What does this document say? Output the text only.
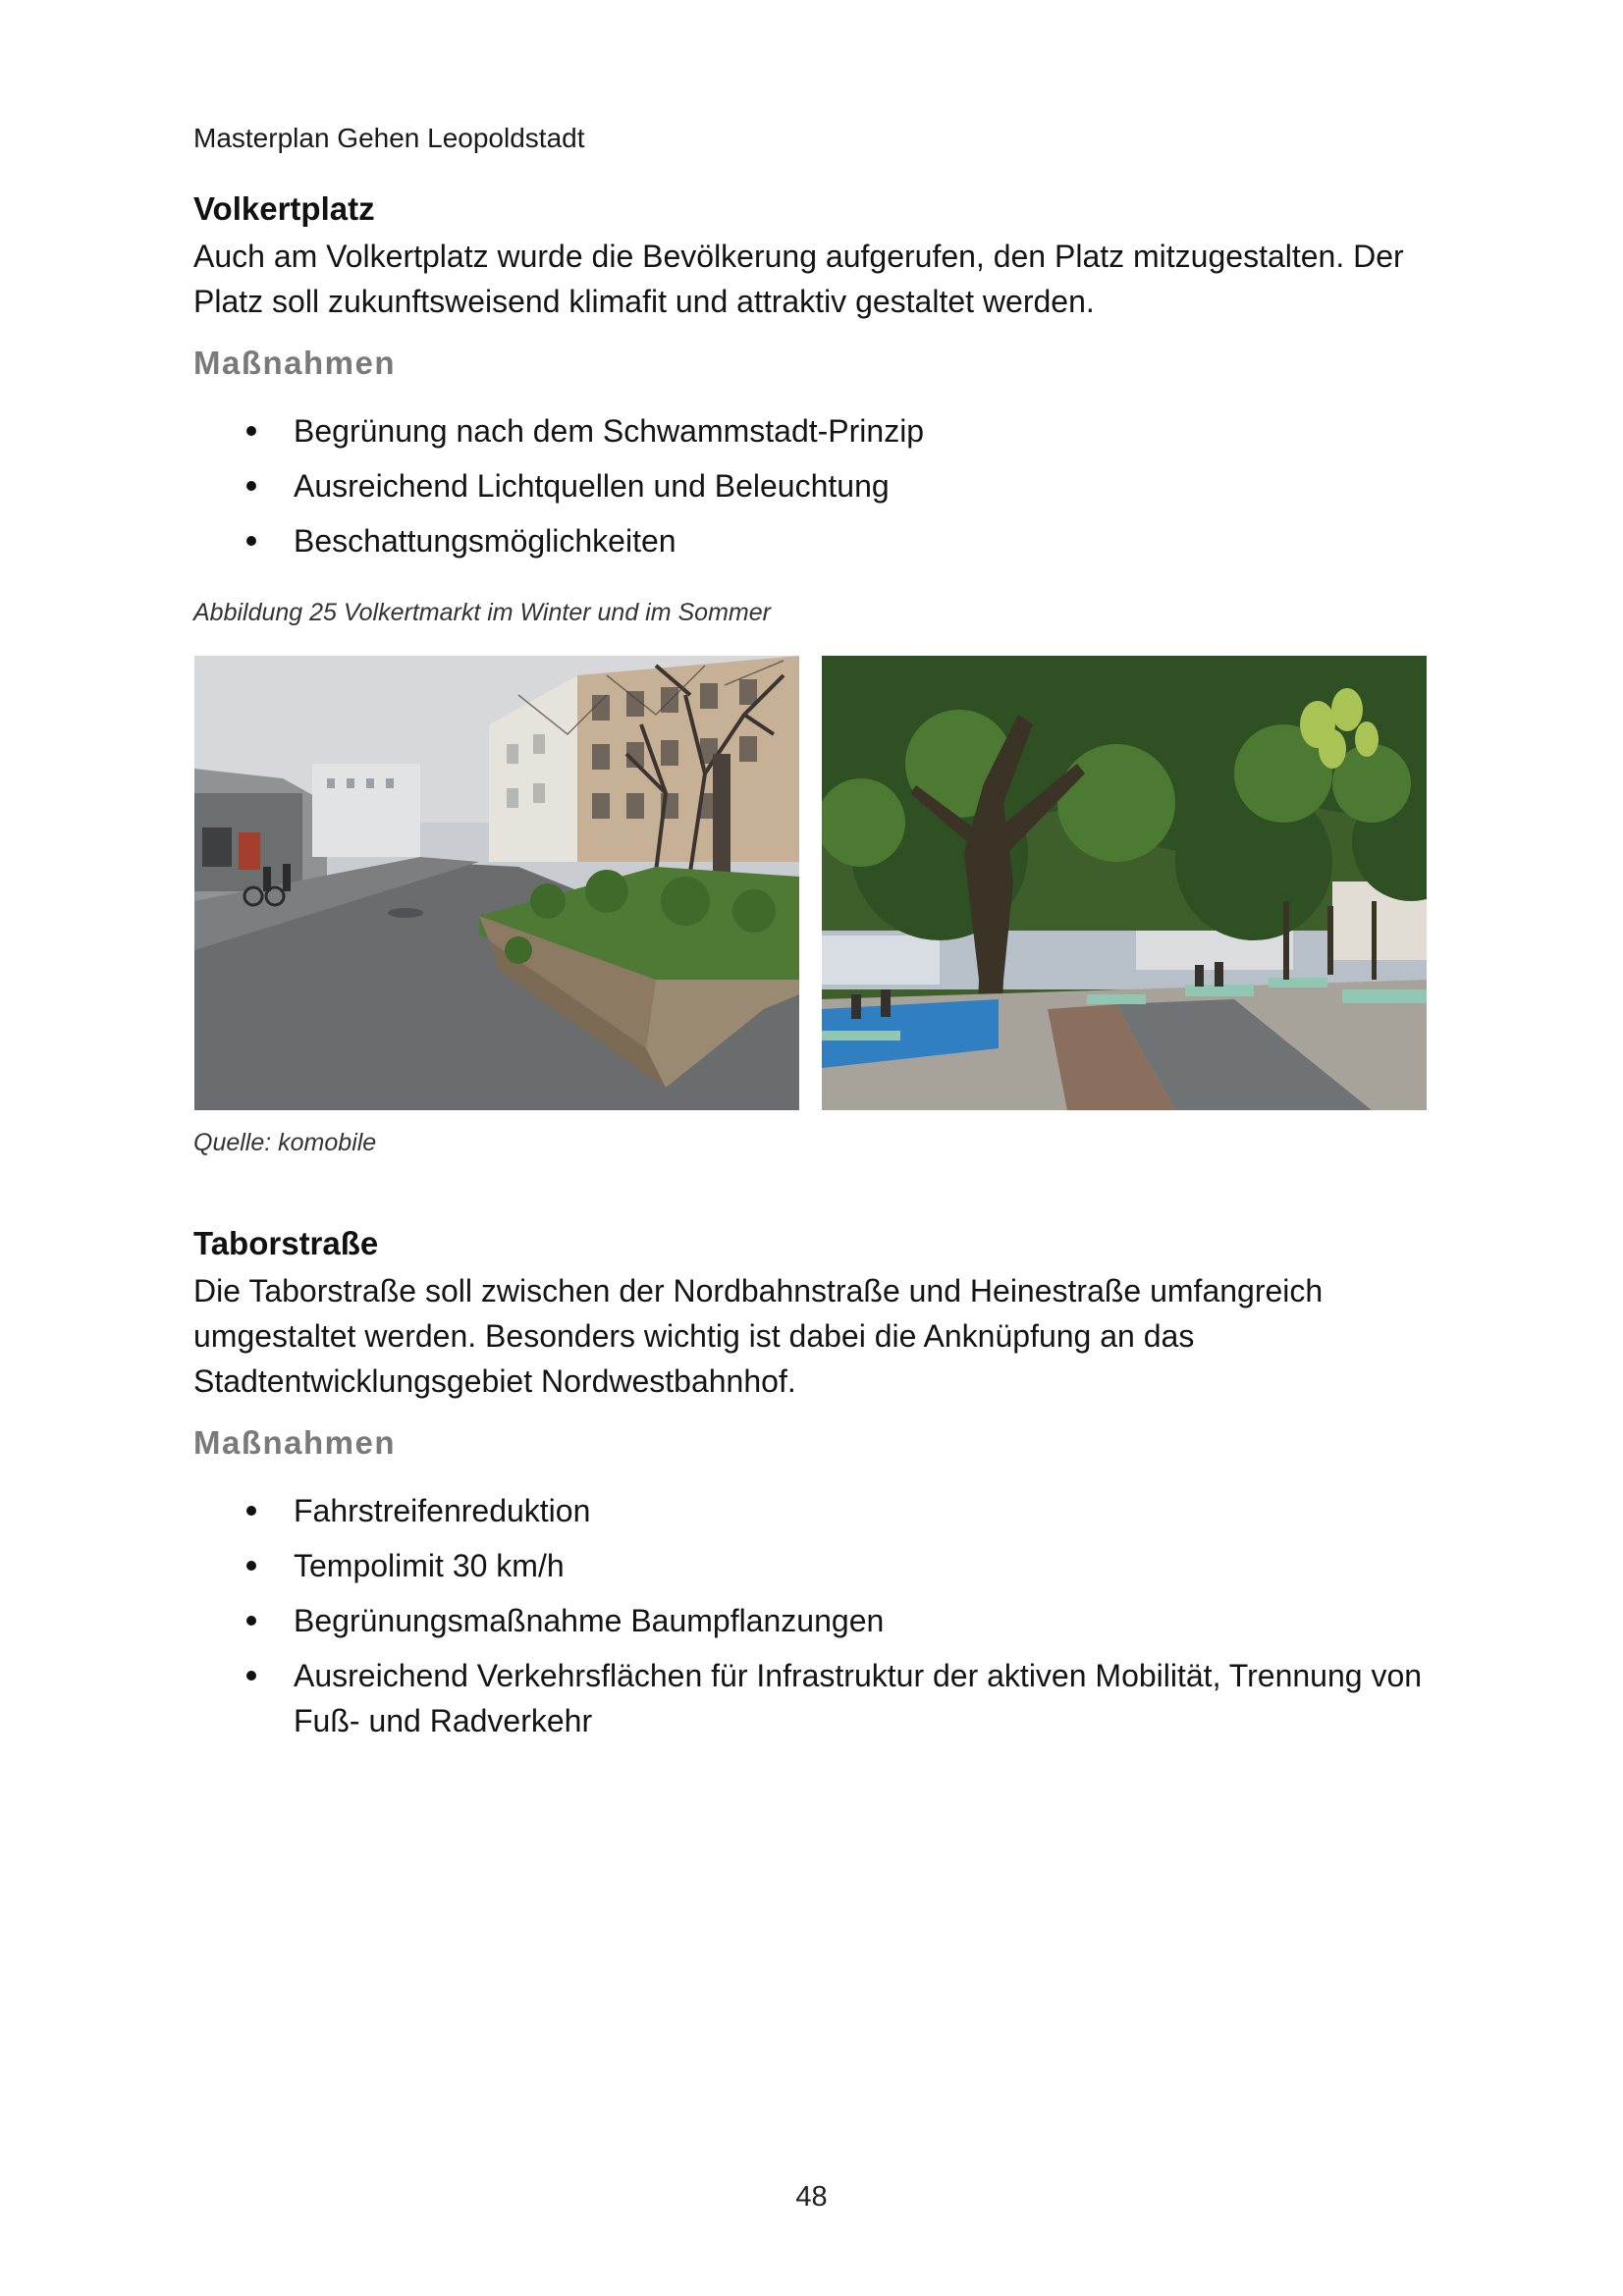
Masterplan Gehen Leopoldstadt
Volkertplatz
Auch am Volkertplatz wurde die Bevölkerung aufgerufen, den Platz mitzugestalten. Der Platz soll zukunftsweisend klimafit und attraktiv gestaltet werden.
Maßnahmen
Begrünung nach dem Schwammstadt-Prinzip
Ausreichend Lichtquellen und Beleuchtung
Beschattungsmöglichkeiten
Abbildung 25 Volkertmarkt im Winter und im Sommer
Quelle: komobile
Taborstraße
Die Taborstraße soll zwischen der Nordbahnstraße und Heinestraße umfangreich umgestaltet werden. Besonders wichtig ist dabei die Anknüpfung an das Stadtentwicklungsgebiet Nordwestbahnhof.
Maßnahmen
Fahrstreifenreduktion
Tempolimit 30 km/h
Begrünungsmaßnahme Baumpflanzungen
Ausreichend Verkehrsflächen für Infrastruktur der aktiven Mobilität, Trennung von Fuß- und Radverkehr
48
